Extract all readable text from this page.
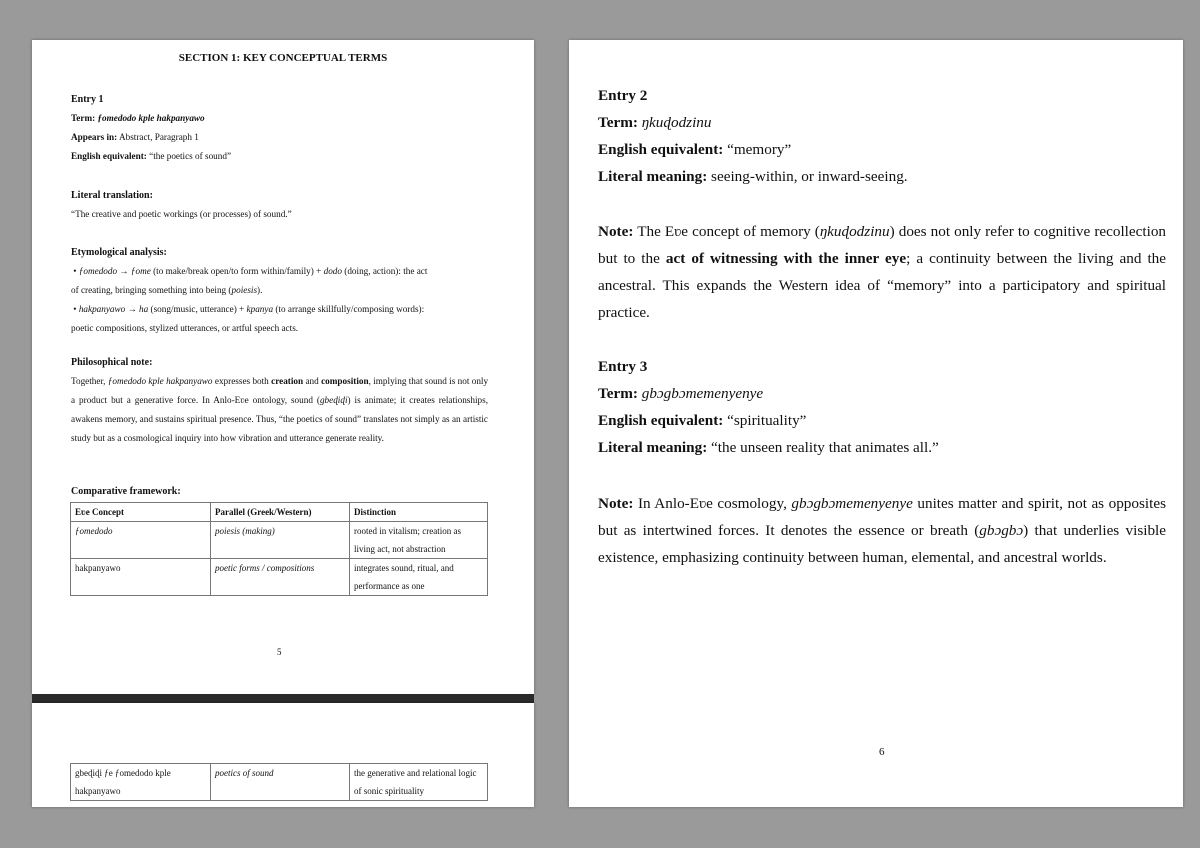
SECTION 1: KEY CONCEPTUAL TERMS
Entry 1
Term: ƒomedodo kple hakpanyawo
Appears in: Abstract, Paragraph 1
English equivalent: “the poetics of sound”
Literal translation:
“The creative and poetic workings (or processes) of sound.”
Etymological analysis:
• ƒomedodo → ƒome (to make/break open/to form within/family) + dodo (doing, action): the act
of creating, bringing something into being (poiesis).
• hakpanyawo → ha (song/music, utterance) + kpanya (to arrange skillfully/composing words):
poetic compositions, stylized utterances, or artful speech acts.
Philosophical note:
Together, ƒomedodo kple hakpanyawo expresses both creation and composition, implying that sound is not only a product but a generative force. In Anlo-Eʋe ontology, sound (gbeɖiɖi) is animate; it creates relationships, awakens memory, and sustains spiritual presence. Thus, “the poetics of sound” translates not simply as an artistic study but as a cosmological inquiry into how vibration and utterance generate reality.
Comparative framework:
Eʋe Concept	Parallel (Greek/Western)	Distinction
ƒomedodo	poiesis (making)	rooted in vitalism; creation as living act, not abstraction
hakpanyawo	poetic forms / compositions	integrates sound, ritual, and performance as one
5
gbeɖiɖi ƒe ƒomedodo kple hakpanyawo	poetics of sound	the generative and relational logic of sonic spirituality
Entry 2
Term: ŋkuɖodzinu
English equivalent: “memory”
Literal meaning: seeing-within, or inward-seeing.
Note: The Eʋe concept of memory (ŋkuɖodzinu) does not only refer to cognitive recollection but to the act of witnessing with the inner eye; a continuity between the living and the ancestral. This expands the Western idea of “memory” into a participatory and spiritual practice.
Entry 3
Term: gbɔgbɔmemenyenye
English equivalent: “spirituality”
Literal meaning: “the unseen reality that animates all.”
Note: In Anlo-Eʋe cosmology, gbɔgbɔmemenyenye unites matter and spirit, not as opposites but as intertwined forces. It denotes the essence or breath (gbɔgbɔ) that underlies visible existence, emphasizing continuity between human, elemental, and ancestral worlds.
6
